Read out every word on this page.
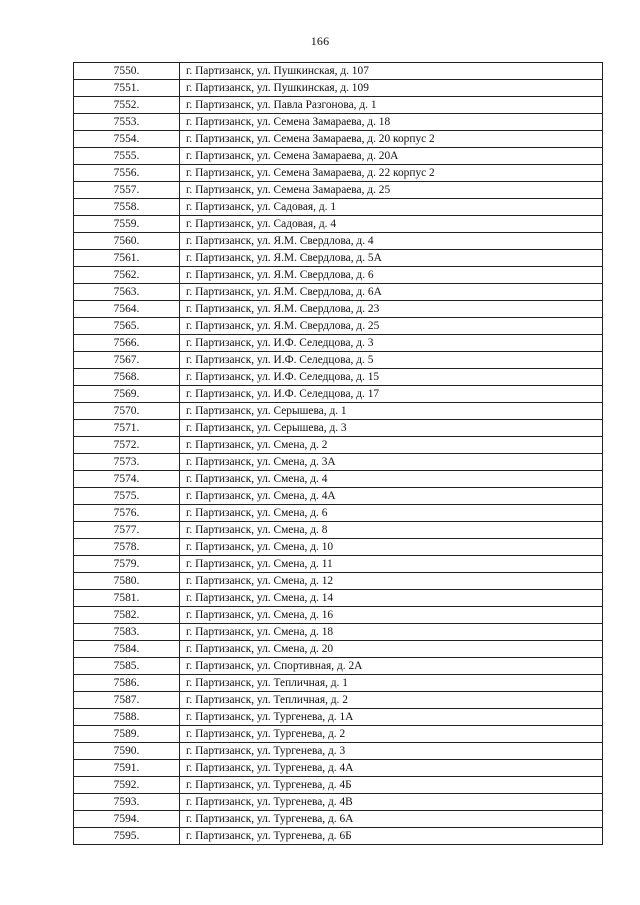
166
7550.	г. Партизанск, ул. Пушкинская, д. 107
7551.	г. Партизанск, ул. Пушкинская, д. 109
7552.	г. Партизанск, ул. Павла Разгонова, д. 1
7553.	г. Партизанск, ул. Семена Замараева, д. 18
7554.	г. Партизанск, ул. Семена Замараева, д. 20 корпус 2
7555.	г. Партизанск, ул. Семена Замараева, д. 20А
7556.	г. Партизанск, ул. Семена Замараева, д. 22 корпус 2
7557.	г. Партизанск, ул. Семена Замараева, д. 25
7558.	г. Партизанск, ул. Садовая, д. 1
7559.	г. Партизанск, ул. Садовая, д. 4
7560.	г. Партизанск, ул. Я.М. Свердлова, д. 4
7561.	г. Партизанск, ул. Я.М. Свердлова, д. 5А
7562.	г. Партизанск, ул. Я.М. Свердлова, д. 6
7563.	г. Партизанск, ул. Я.М. Свердлова, д. 6А
7564.	г. Партизанск, ул. Я.М. Свердлова, д. 23
7565.	г. Партизанск, ул. Я.М. Свердлова, д. 25
7566.	г. Партизанск, ул. И.Ф. Селедцова, д. 3
7567.	г. Партизанск, ул. И.Ф. Селедцова, д. 5
7568.	г. Партизанск, ул. И.Ф. Селедцова, д. 15
7569.	г. Партизанск, ул. И.Ф. Селедцова, д. 17
7570.	г. Партизанск, ул. Серышева, д. 1
7571.	г. Партизанск, ул. Серышева, д. 3
7572.	г. Партизанск, ул. Смена, д. 2
7573.	г. Партизанск, ул. Смена, д. 3А
7574.	г. Партизанск, ул. Смена, д. 4
7575.	г. Партизанск, ул. Смена, д. 4А
7576.	г. Партизанск, ул. Смена, д. 6
7577.	г. Партизанск, ул. Смена, д. 8
7578.	г. Партизанск, ул. Смена, д. 10
7579.	г. Партизанск, ул. Смена, д. 11
7580.	г. Партизанск, ул. Смена, д. 12
7581.	г. Партизанск, ул. Смена, д. 14
7582.	г. Партизанск, ул. Смена, д. 16
7583.	г. Партизанск, ул. Смена, д. 18
7584.	г. Партизанск, ул. Смена, д. 20
7585.	г. Партизанск, ул. Спортивная, д. 2А
7586.	г. Партизанск, ул. Тепличная, д. 1
7587.	г. Партизанск, ул. Тепличная, д. 2
7588.	г. Партизанск, ул. Тургенева, д. 1А
7589.	г. Партизанск, ул. Тургенева, д. 2
7590.	г. Партизанск, ул. Тургенева, д. 3
7591.	г. Партизанск, ул. Тургенева, д. 4А
7592.	г. Партизанск, ул. Тургенева, д. 4Б
7593.	г. Партизанск, ул. Тургенева, д. 4В
7594.	г. Партизанск, ул. Тургенева, д. 6А
7595.	г. Партизанск, ул. Тургенева, д. 6Б
